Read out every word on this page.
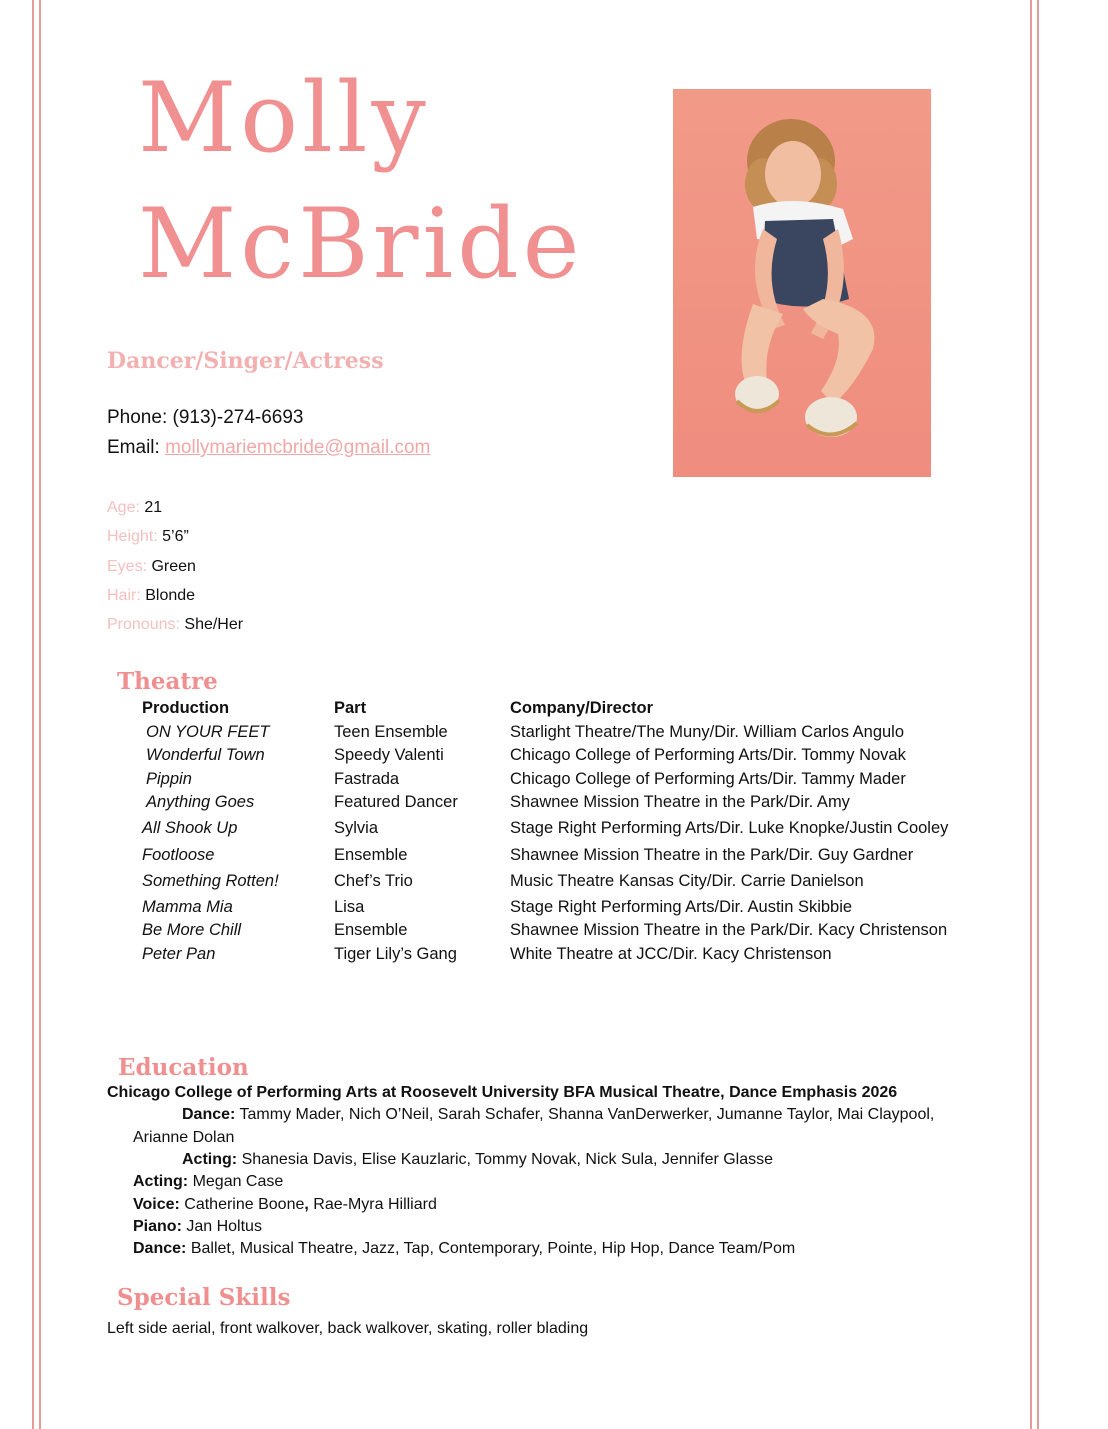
Molly
McBride
Dancer/Singer/Actress
Phone: (913)-274-6693
Email: mollymariemcbride@gmail.com
Age: 21
Height: 5’6”
Eyes: Green
Hair: Blonde
Pronouns: She/Her
Theatre
Production	Part	Company/Director
ON YOUR FEET	Teen Ensemble	Starlight Theatre/The Muny/Dir. William Carlos Angulo
Wonderful Town	Speedy Valenti	Chicago College of Performing Arts/Dir. Tommy Novak
Pippin	Fastrada	Chicago College of Performing Arts/Dir. Tammy Mader
Anything Goes	Featured Dancer	Shawnee Mission Theatre in the Park/Dir. Amy
All Shook Up	Sylvia	Stage Right Performing Arts/Dir. Luke Knopke/Justin Cooley
Footloose	Ensemble	Shawnee Mission Theatre in the Park/Dir. Guy Gardner
Something Rotten!	Chef’s Trio	Music Theatre Kansas City/Dir. Carrie Danielson
Mamma Mia	Lisa	Stage Right Performing Arts/Dir. Austin Skibbie
Be More Chill	Ensemble	Shawnee Mission Theatre in the Park/Dir. Kacy Christenson
Peter Pan	Tiger Lily’s Gang	White Theatre at JCC/Dir. Kacy Christenson
Education
Chicago College of Performing Arts at Roosevelt University BFA Musical Theatre, Dance Emphasis 2026
Dance: Tammy Mader, Nich O’Neil, Sarah Schafer, Shanna VanDerwerker, Jumanne Taylor, Mai Claypool,
Arianne Dolan
Acting: Shanesia Davis, Elise Kauzlaric, Tommy Novak, Nick Sula, Jennifer Glasse
Acting: Megan Case
Voice: Catherine Boone, Rae-Myra Hilliard
Piano: Jan Holtus
Dance: Ballet, Musical Theatre, Jazz, Tap, Contemporary, Pointe, Hip Hop, Dance Team/Pom
Special Skills
Left side aerial, front walkover, back walkover, skating, roller blading
